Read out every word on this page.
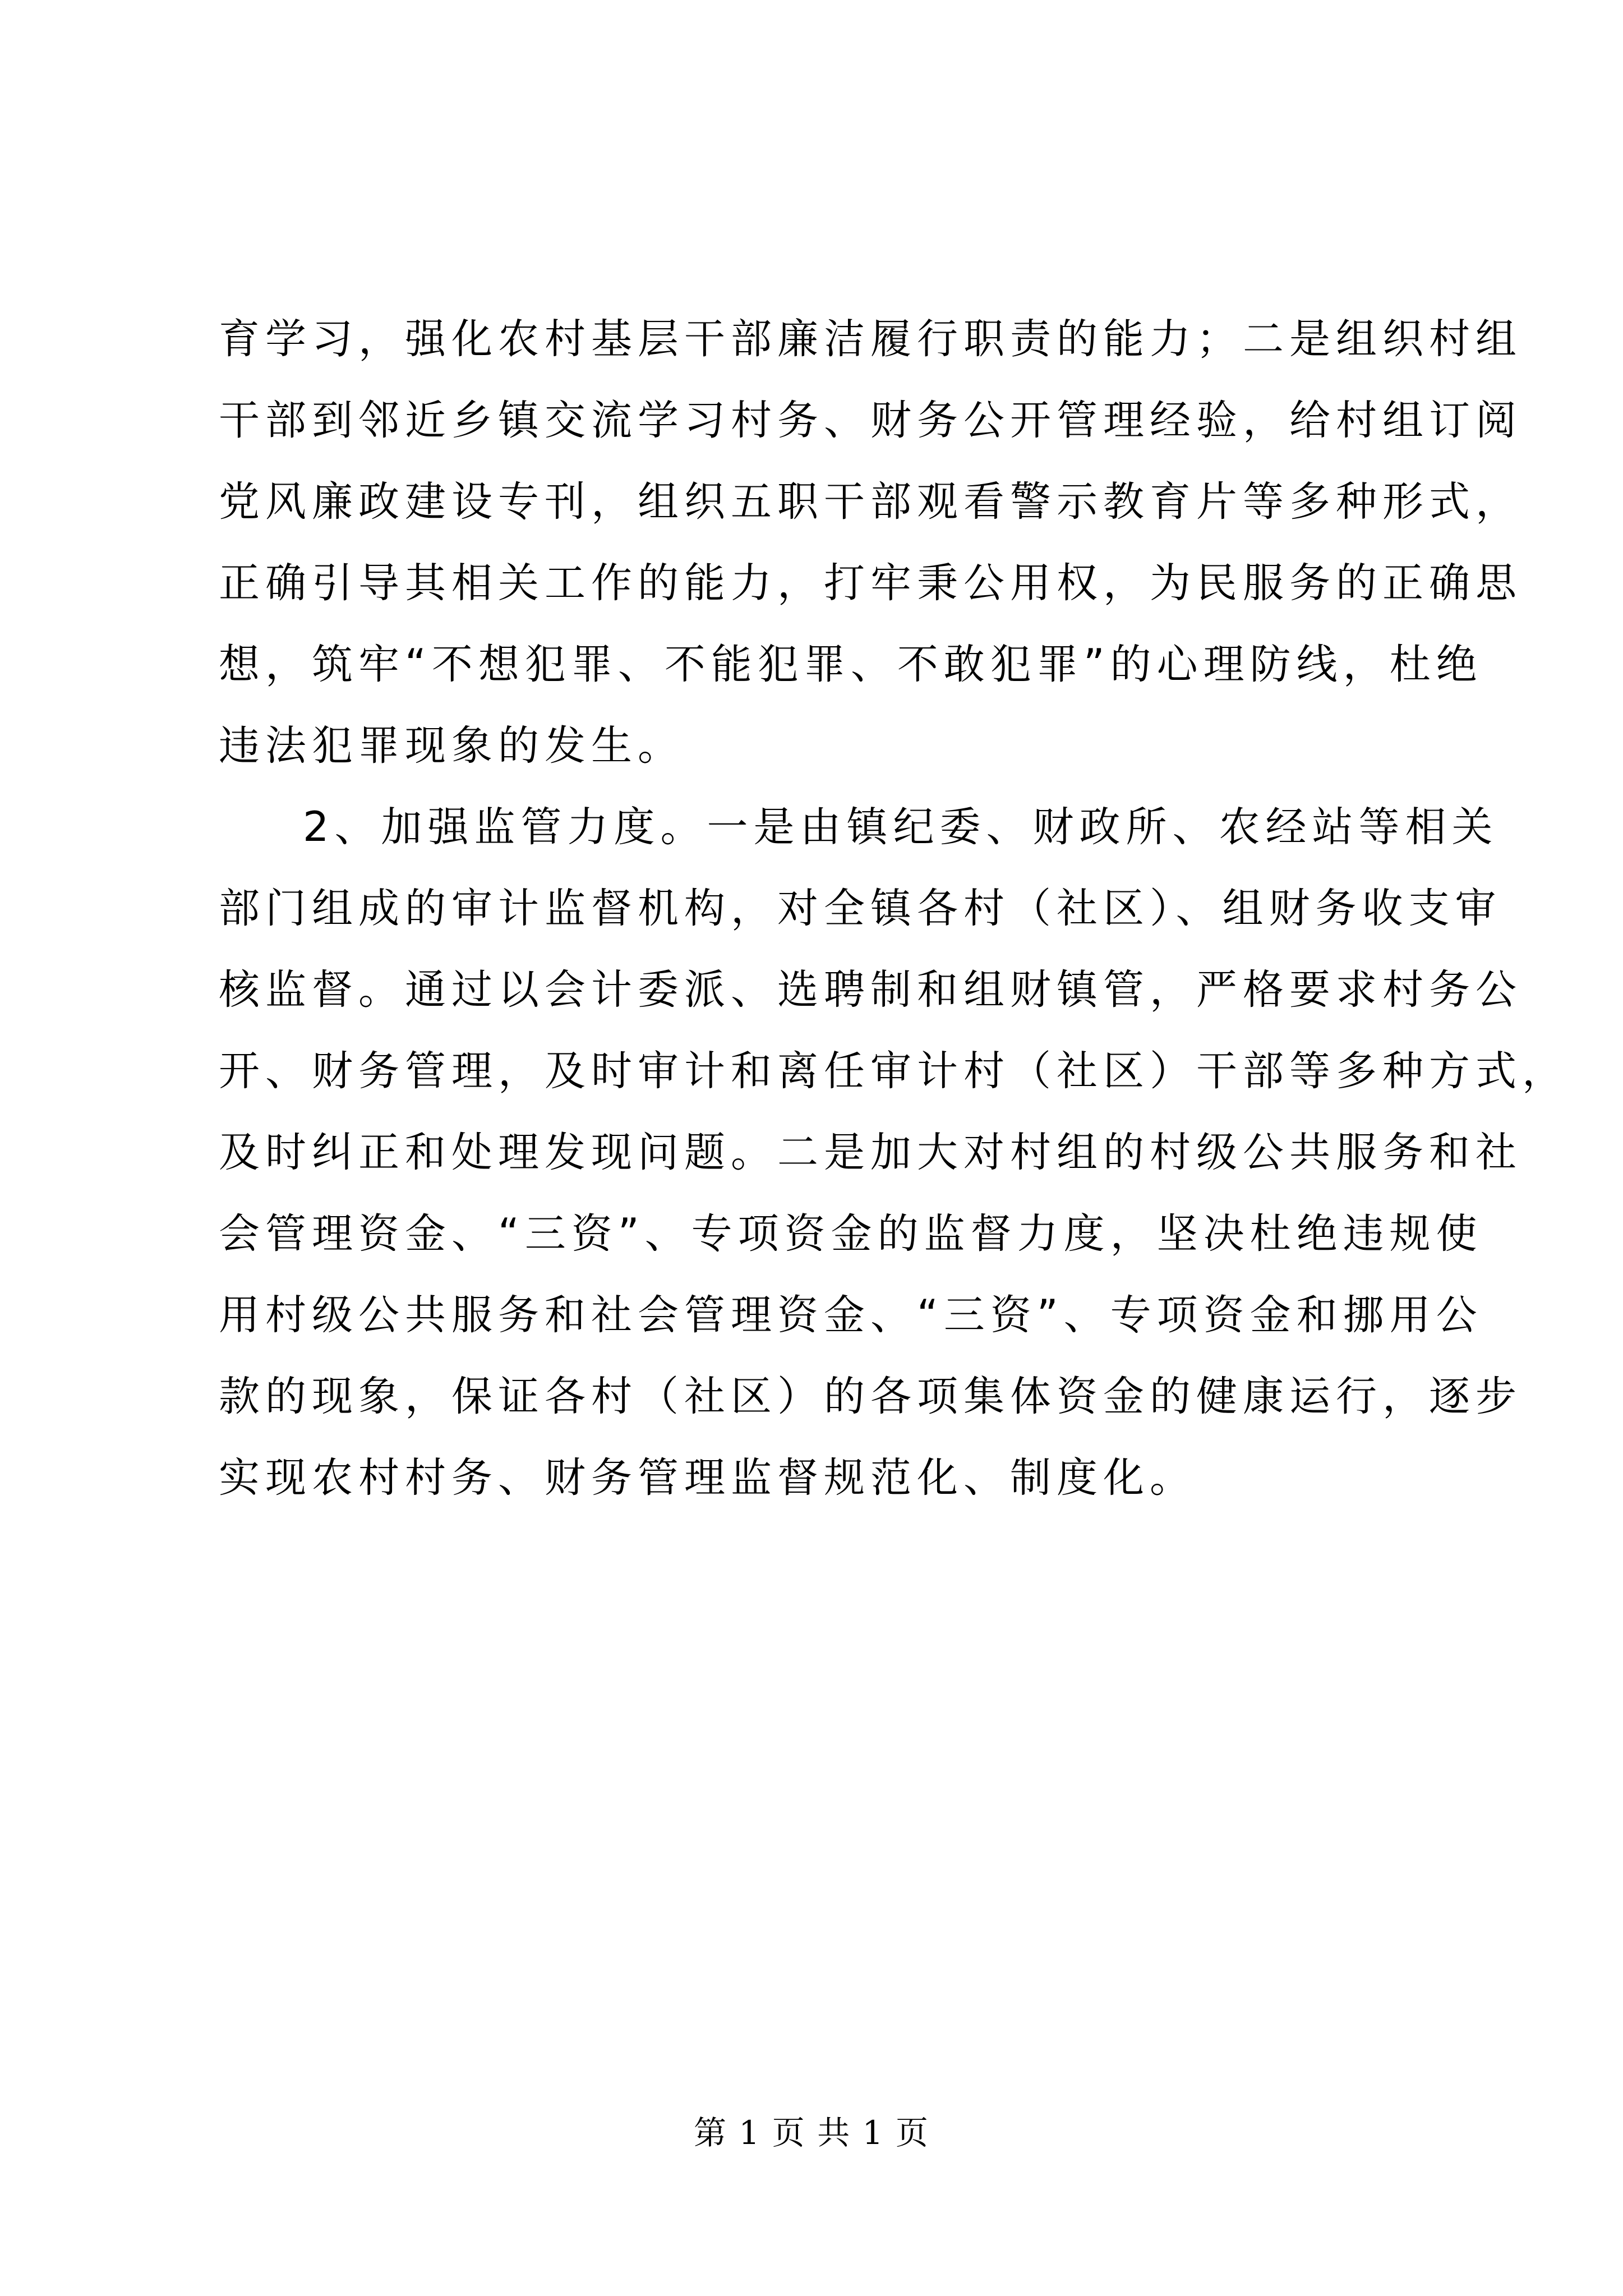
育学习，强化农村基层干部廉洁履行职责的能力；二是组织村组
干部到邻近乡镇交流学习村务、财务公开管理经验，给村组订阅
党风廉政建设专刊，组织五职干部观看警示教育片等多种形式，
正确引导其相关工作的能力，打牢秉公用权，为民服务的正确思
想，筑牢“不想犯罪、不能犯罪、不敢犯罪”的心理防线，杜绝
违法犯罪现象的发生。
2、加强监管力度。一是由镇纪委、财政所、农经站等相关
部门组成的审计监督机构，对全镇各村（社区）、组财务收支审
核监督。通过以会计委派、选聘制和组财镇管，严格要求村务公
开、财务管理，及时审计和离任审计村（社区）干部等多种方式，
及时纠正和处理发现问题。二是加大对村组的村级公共服务和社
会管理资金、“三资”、专项资金的监督力度，坚决杜绝违规使
用村级公共服务和社会管理资金、“三资”、专项资金和挪用公
款的现象，保证各村（社区）的各项集体资金的健康运行，逐步
实现农村村务、财务管理监督规范化、制度化。
第 1 页 共 1 页
